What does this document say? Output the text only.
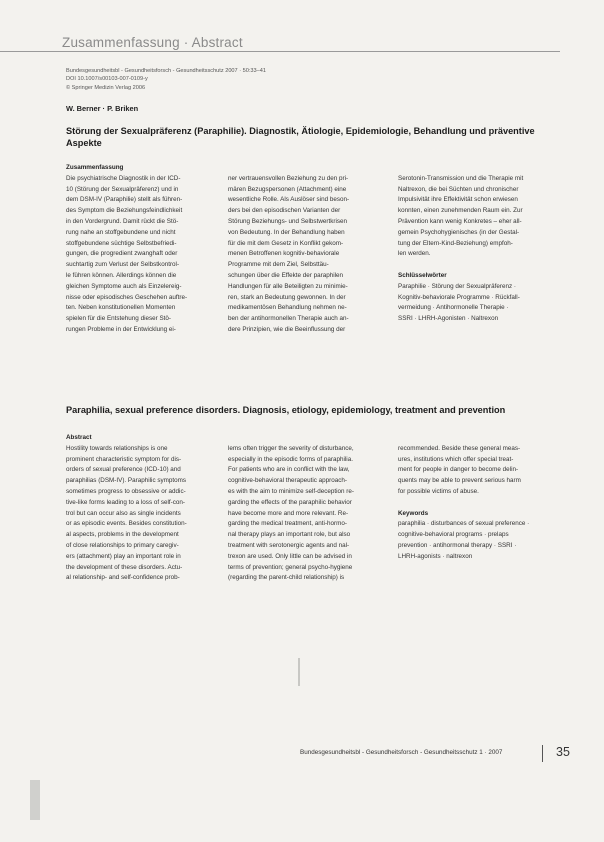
Zusammenfassung · Abstract
Bundesgesundheitsbl - Gesundheitsforsch - Gesundheitsschutz 2007 · 50:33–41
DOI 10.1007/s00103-007-0109-y
© Springer Medizin Verlag 2006
W. Berner · P. Briken
Störung der Sexualpräferenz (Paraphilie). Diagnostik, Ätiologie, Epidemiologie, Behandlung und präventive Aspekte
Zusammenfassung
Die psychiatrische Diagnostik in der ICD-
10 (Störung der Sexualpräferenz) und in
dem DSM-IV (Paraphilie) stellt als führen-
des Symptom die Beziehungsfeindlichkeit
in den Vordergrund. Damit rückt die Stö-
rung nahe an stoffgebundene und nicht
stoffgebundene süchtige Selbstbefriedi-
gungen, die progredient zwanghaft oder
suchtartig zum Verlust der Selbstkontrol-
le führen können. Allerdings können die
gleichen Symptome auch als Einzelereig-
nisse oder episodisches Geschehen auftre-
ten. Neben konstitutionellen Momenten
spielen für die Entstehung dieser Stö-
rungen Probleme in der Entwicklung ei-
ner vertrauensvollen Beziehung zu den pri-
mären Bezugspersonen (Attachment) eine
wesentliche Rolle. Als Auslöser sind beson-
ders bei den episodischen Varianten der
Störung Beziehungs- und Selbstwertkrisen
von Bedeutung. In der Behandlung haben
für die mit dem Gesetz in Konflikt gekom-
menen Betroffenen kognitiv-behaviorale
Programme mit dem Ziel, Selbsttäu-
schungen über die Effekte der paraphilen
Handlungen für alle Beteiligten zu minimie-
ren, stark an Bedeutung gewonnen. In der
medikamentösen Behandlung nehmen ne-
ben der antihormonellen Therapie auch an-
dere Prinzipien, wie die Beeinflussung der
Serotonin-Transmission und die Therapie mit
Naltrexon, die bei Süchten und chronischer
Impulsivität ihre Effektivität schon erwiesen
konnten, einen zunehmenden Raum ein. Zur
Prävention kann wenig Konkretes – eher all-
gemein Psychohygienisches (in der Gestal-
tung der Eltern-Kind-Beziehung) empfoh-
len werden.
Schlüsselwörter
Paraphilie · Störung der Sexualpräferenz ·
Kognitiv-behaviorale Programme · Rückfall-
vermeidung · Antihormonelle Therapie ·
SSRI · LHRH-Agonisten · Naltrexon
Paraphilia, sexual preference disorders. Diagnosis, etiology, epidemiology, treatment and prevention
Abstract
Hostility towards relationships is one
prominent characteristic symptom for dis-
orders of sexual preference (ICD-10) and
paraphilias (DSM-IV). Paraphilic symptoms
sometimes progress to obsessive or addic-
tive-like forms leading to a loss of self-con-
trol but can occur also as single incidents
or as episodic events. Besides constitution-
al aspects, problems in the development
of close relationships to primary caregiv-
ers (attachment) play an important role in
the development of these disorders. Actu-
al relationship- and self-confidence prob-
lems often trigger the severity of disturbance,
especially in the episodic forms of paraphilia.
For patients who are in conflict with the law,
cognitive-behavioral therapeutic approach-
es with the aim to minimize self-deception re-
garding the effects of the paraphilic behavior
have become more and more relevant. Re-
garding the medical treatment, anti-hormo-
nal therapy plays an important role, but also
treatment with serotonergic agents and nal-
trexon are used. Only little can be advised in
terms of prevention; general psycho-hygiene
(regarding the parent-child relationship) is
recommended. Beside these general meas-
ures, institutions which offer special treat-
ment for people in danger to become delin-
quents may be able to prevent serious harm
for possible victims of abuse.
Keywords
paraphilia · disturbances of sexual preference ·
cognitive-behavioral programs · prelaps
prevention · antihormonal therapy · SSRI ·
LHRH-agonists · naltrexon
Bundesgesundheitsbl - Gesundheitsforsch - Gesundheitsschutz 1 · 2007	35
